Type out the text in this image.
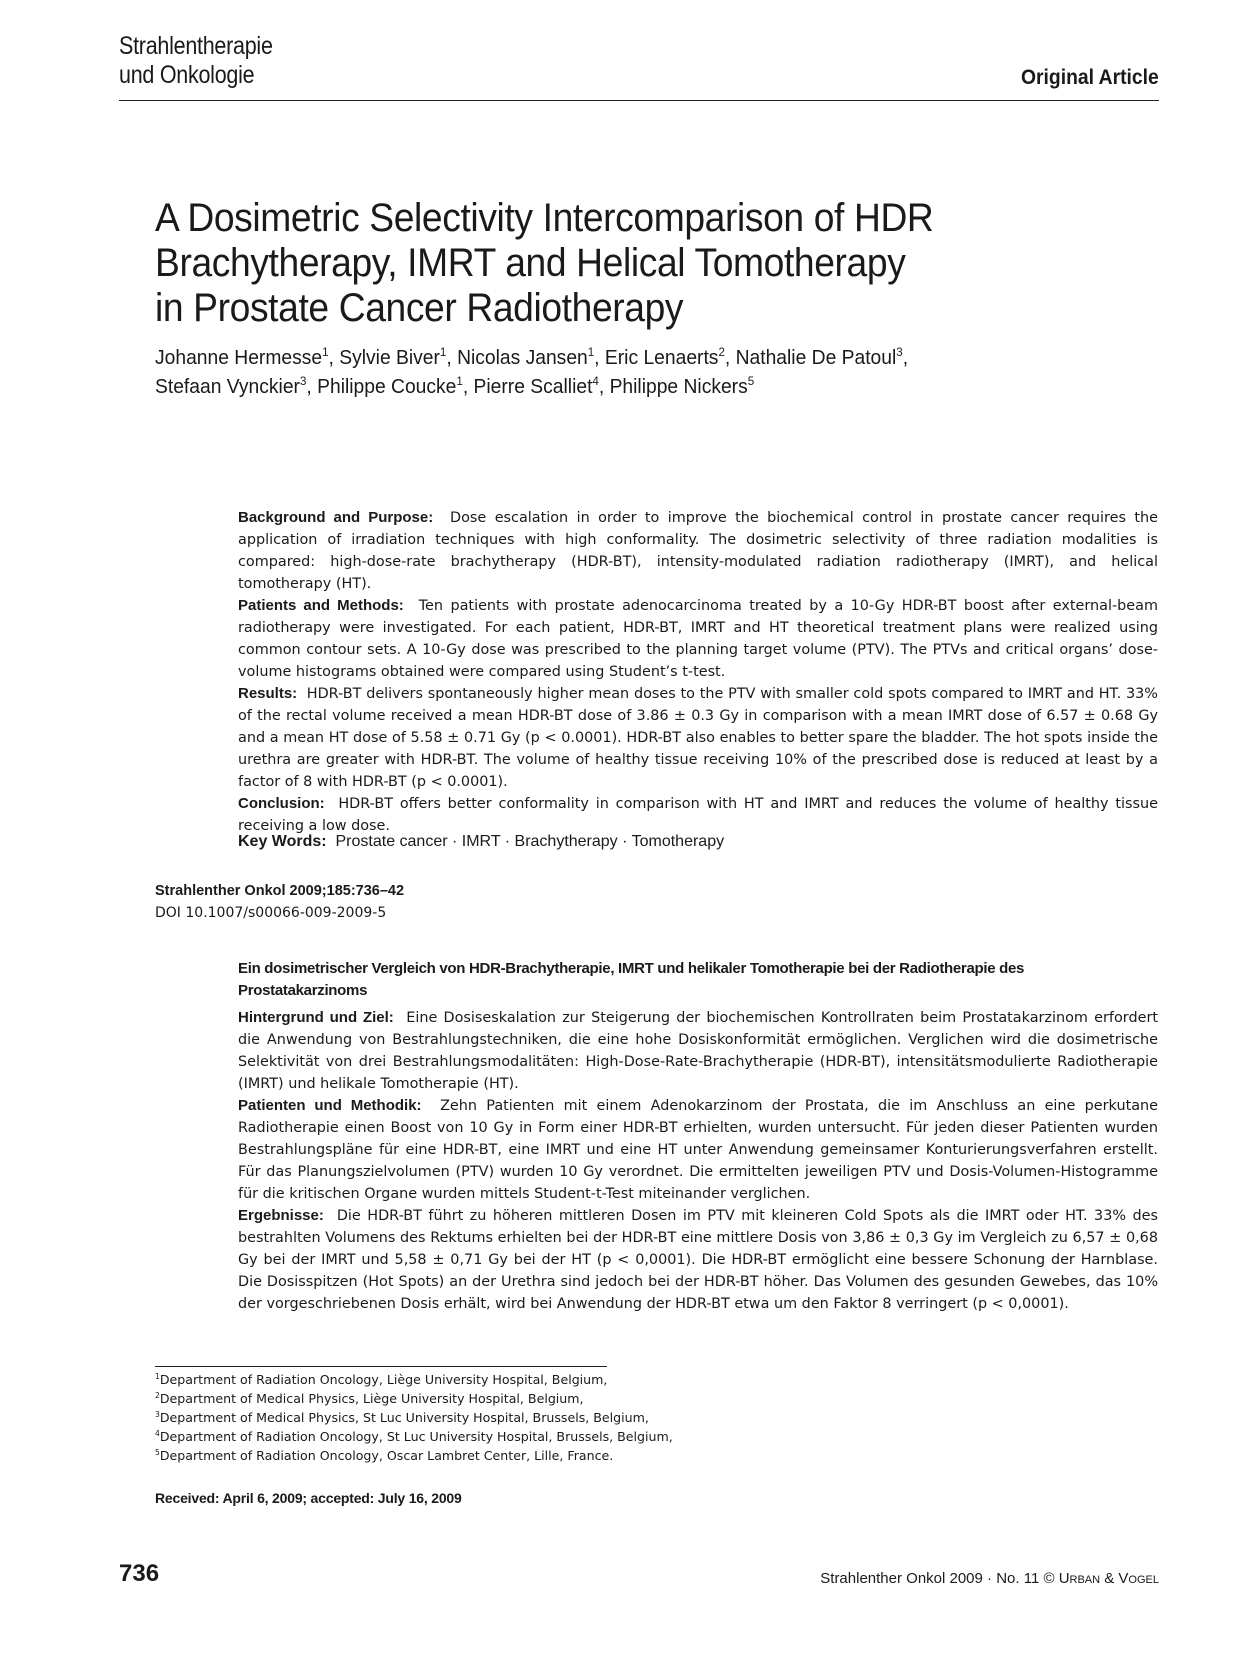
Strahlentherapie
und Onkologie	Original Article
A Dosimetric Selectivity Intercomparison of HDR
Brachytherapy, IMRT and Helical Tomotherapy
in Prostate Cancer Radiotherapy
Johanne Hermesse$^1$, Sylvie Biver$^1$, Nicolas Jansen$^1$, Eric Lenaerts$^2$, Nathalie De Patoul$^3$,
Stefaan Vynckier$^3$, Philippe Coucke$^1$, Pierre Scalliet$^4$, Philippe Nickers$^5$

Background and Purpose: Dose escalation in order to improve the biochemical control in prostate cancer requires the application of irradiation techniques with high conformality. The dosimetric selectivity of three radiation modalities is compared: high-dose-rate brachytherapy (HDR-BT), intensity-modulated radiation radiotherapy (IMRT), and helical tomotherapy (HT).

Patients and Methods: Ten patients with prostate adenocarcinoma treated by a 10-Gy HDR-BT boost after external-beam radiotherapy were investigated. For each patient, HDR-BT, IMRT and HT theoretical treatment plans were realized using common contour sets. A 10-Gy dose was prescribed to the planning target volume (PTV). The PTVs and critical organs’ dose-volume histograms obtained were compared using Student’s t-test.

Results: HDR-BT delivers spontaneously higher mean doses to the PTV with smaller cold spots compared to IMRT and HT. 33% of the rectal volume received a mean HDR-BT dose of 3.86 ± 0.3 Gy in comparison with a mean IMRT dose of 6.57 ± 0.68 Gy and a mean HT dose of 5.58 ± 0.71 Gy (p < 0.0001). HDR-BT also enables to better spare the bladder. The hot spots inside the urethra are greater with HDR-BT. The volume of healthy tissue receiving 10% of the prescribed dose is reduced at least by a factor of 8 with HDR-BT (p < 0.0001).

Conclusion: HDR-BT offers better conformality in comparison with HT and IMRT and reduces the volume of healthy tissue receiving a low dose.

Key Words: Prostate cancer · IMRT · Brachytherapy · Tomotherapy
Strahlenther Onkol 2009;185:736–42
DOI 10.1007/s00066-009-2009-5
Ein dosimetrischer Vergleich von HDR-Brachytherapie, IMRT und helikaler Tomotherapie bei der Radiotherapie des Prostatakarzinoms

Hintergrund und Ziel: Eine Dosiseskalation zur Steigerung der biochemischen Kontrollraten beim Prostatakarzinom erfordert die Anwendung von Bestrahlungstechniken, die eine hohe Dosiskonformität ermöglichen. Verglichen wird die dosimetrische Selektivität von drei Bestrahlungsmodalitäten: High-Dose-Rate-Brachytherapie (HDR-BT), intensitätsmodulierte Radiotherapie (IMRT) und helikale Tomotherapie (HT).

Patienten und Methodik: Zehn Patienten mit einem Adenokarzinom der Prostata, die im Anschluss an eine perkutane Radiotherapie einen Boost von 10 Gy in Form einer HDR-BT erhielten, wurden untersucht. Für jeden dieser Patienten wurden Bestrahlungspläne für eine HDR-BT, eine IMRT und eine HT unter Anwendung gemeinsamer Konturierungsverfahren erstellt. Für das Planungszielvolumen (PTV) wurden 10 Gy verordnet. Die ermittelten jeweiligen PTV und Dosis-Volumen-Histogramme für die kritischen Organe wurden mittels Student-t-Test miteinander verglichen.

Ergebnisse: Die HDR-BT führt zu höheren mittleren Dosen im PTV mit kleineren Cold Spots als die IMRT oder HT. 33% des bestrahlten Volumens des Rektums erhielten bei der HDR-BT eine mittlere Dosis von 3,86 ± 0,3 Gy im Vergleich zu 6,57 ± 0,68 Gy bei der IMRT und 5,58 ± 0,71 Gy bei der HT (p < 0,0001). Die HDR-BT ermöglicht eine bessere Schonung der Harnblase. Die Dosisspitzen (Hot Spots) an der Urethra sind jedoch bei der HDR-BT höher. Das Volumen des gesunden Gewebes, das 10% der vorgeschriebenen Dosis erhält, wird bei Anwendung der HDR-BT etwa um den Faktor 8 verringert (p < 0,0001).

$^1$Department of Radiation Oncology, Liège University Hospital, Belgium,
$^2$Department of Medical Physics, Liège University Hospital, Belgium,
$^3$Department of Medical Physics, St Luc University Hospital, Brussels, Belgium,
$^4$Department of Radiation Oncology, St Luc University Hospital, Brussels, Belgium,
$^5$Department of Radiation Oncology, Oscar Lambret Center, Lille, France.
Received: April 6, 2009; accepted: July 16, 2009
736	Strahlenther Onkol 2009 · No. 11 © Urban & Vogel
